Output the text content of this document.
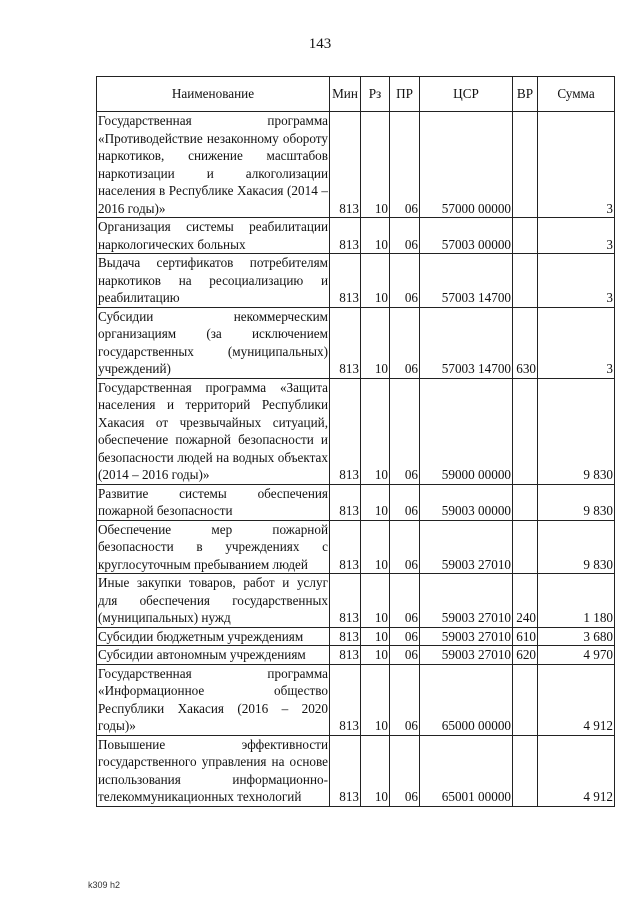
143
Наименование	Мин	Рз	ПР	ЦСР	ВР	Сумма
Государственная программа «Противодействие незаконному обороту наркотиков, снижение масштабов наркотизации и алкоголизации населения в Республике Хакасия (2014 – 2016 годы)»	813	10	06	57000 00000		3
Организация системы реабилитации наркологических больных	813	10	06	57003 00000		3
Выдача сертификатов потребителям наркотиков на ресоциализацию и реабилитацию	813	10	06	57003 14700		3
Субсидии некоммерческим организациям (за исключением государственных (муниципальных) учреждений)	813	10	06	57003 14700	630	3
Государственная программа «Защита населения и территорий Республики Хакасия от чрезвычайных ситуаций, обеспечение пожарной безопасности и безопасности людей на водных объектах (2014 – 2016 годы)»	813	10	06	59000 00000		9 830
Развитие системы обеспечения пожарной безопасности	813	10	06	59003 00000		9 830
Обеспечение мер пожарной безопасности в учреждениях с круглосуточным пребыванием людей	813	10	06	59003 27010		9 830
Иные закупки товаров, работ и услуг для обеспечения государственных (муниципальных) нужд	813	10	06	59003 27010	240	1 180
Субсидии бюджетным учреждениям	813	10	06	59003 27010	610	3 680
Субсидии автономным учреждениям	813	10	06	59003 27010	620	4 970
Государственная программа «Информационное общество Республики Хакасия (2016 – 2020 годы)»	813	10	06	65000 00000		4 912
Повышение эффективности государственного управления на основе использования информационно-телекоммуникационных технологий	813	10	06	65001 00000		4 912
k309 h2
